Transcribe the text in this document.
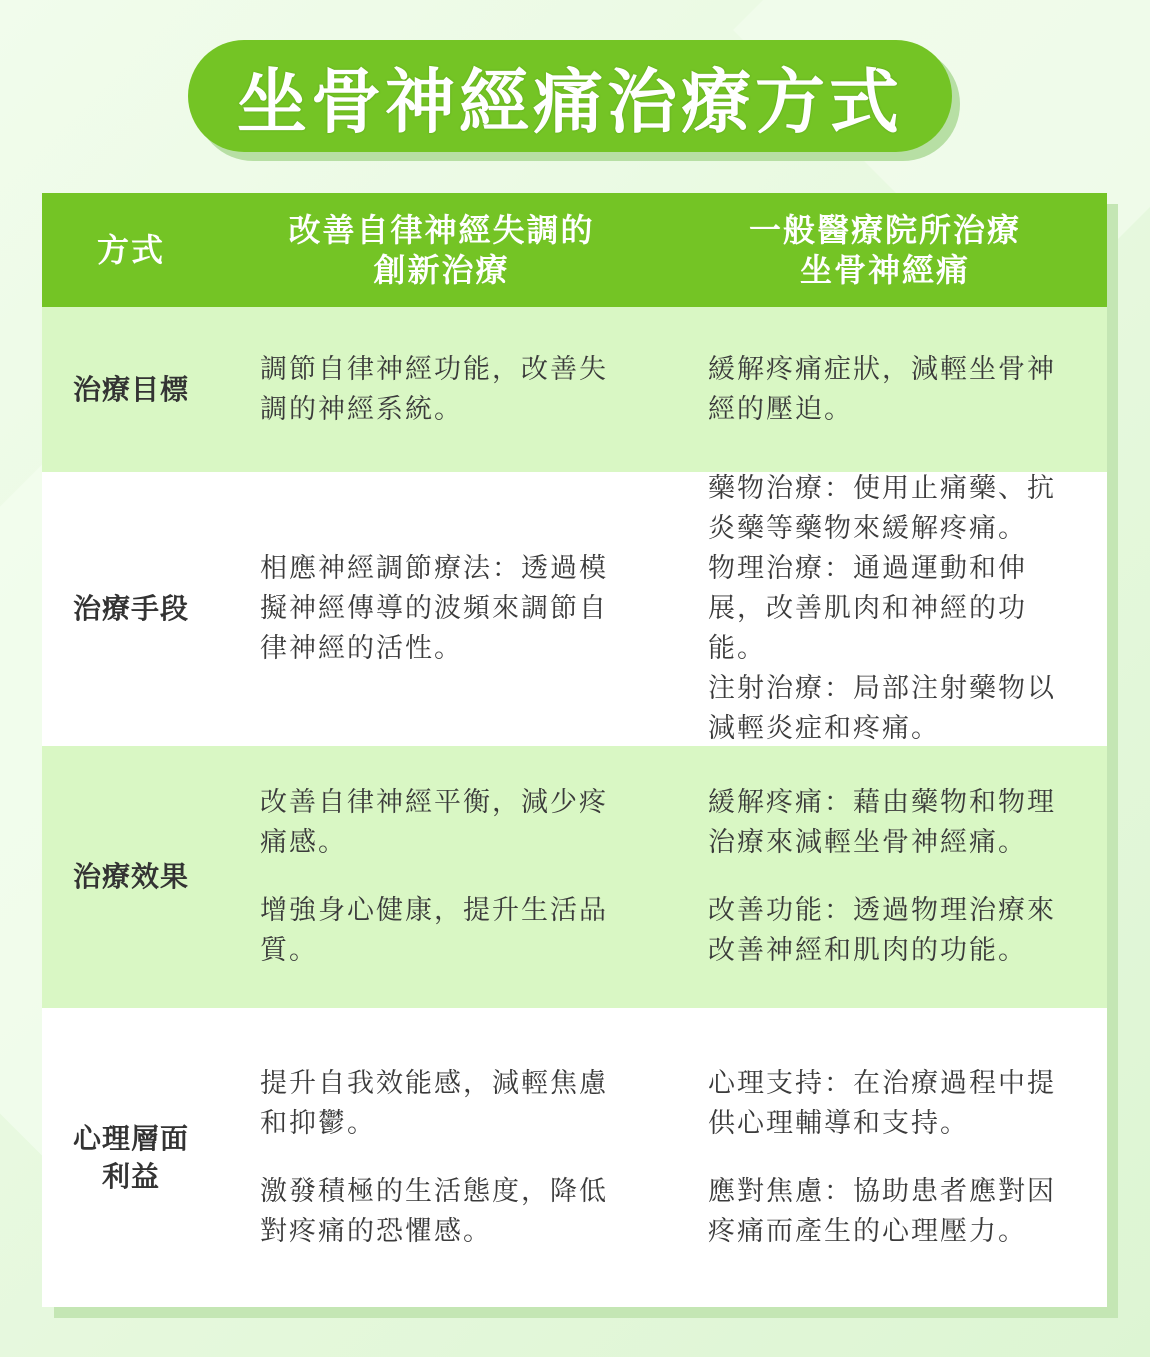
坐骨神經痛治療方式
方式
改善自律神經失調的
創新治療
一般醫療院所治療
坐骨神經痛
治療目標
調節自律神經功能，改善失調的神經系統。
緩解疼痛症狀，減輕坐骨神經的壓迫。
治療手段
相應神經調節療法：透過模擬神經傳導的波頻來調節自律神經的活性。
藥物治療：使用止痛藥、抗炎藥等藥物來緩解疼痛。
物理治療：通過運動和伸展，改善肌肉和神經的功能。
注射治療：局部注射藥物以減輕炎症和疼痛。
治療效果
改善自律神經平衡，減少疼痛感。
增強身心健康，提升生活品質。
緩解疼痛：藉由藥物和物理治療來減輕坐骨神經痛。
改善功能：透過物理治療來改善神經和肌肉的功能。
心理層面
利益
提升自我效能感，減輕焦慮和抑鬱。
激發積極的生活態度，降低對疼痛的恐懼感。
心理支持：在治療過程中提供心理輔導和支持。
應對焦慮：協助患者應對因疼痛而產生的心理壓力。
